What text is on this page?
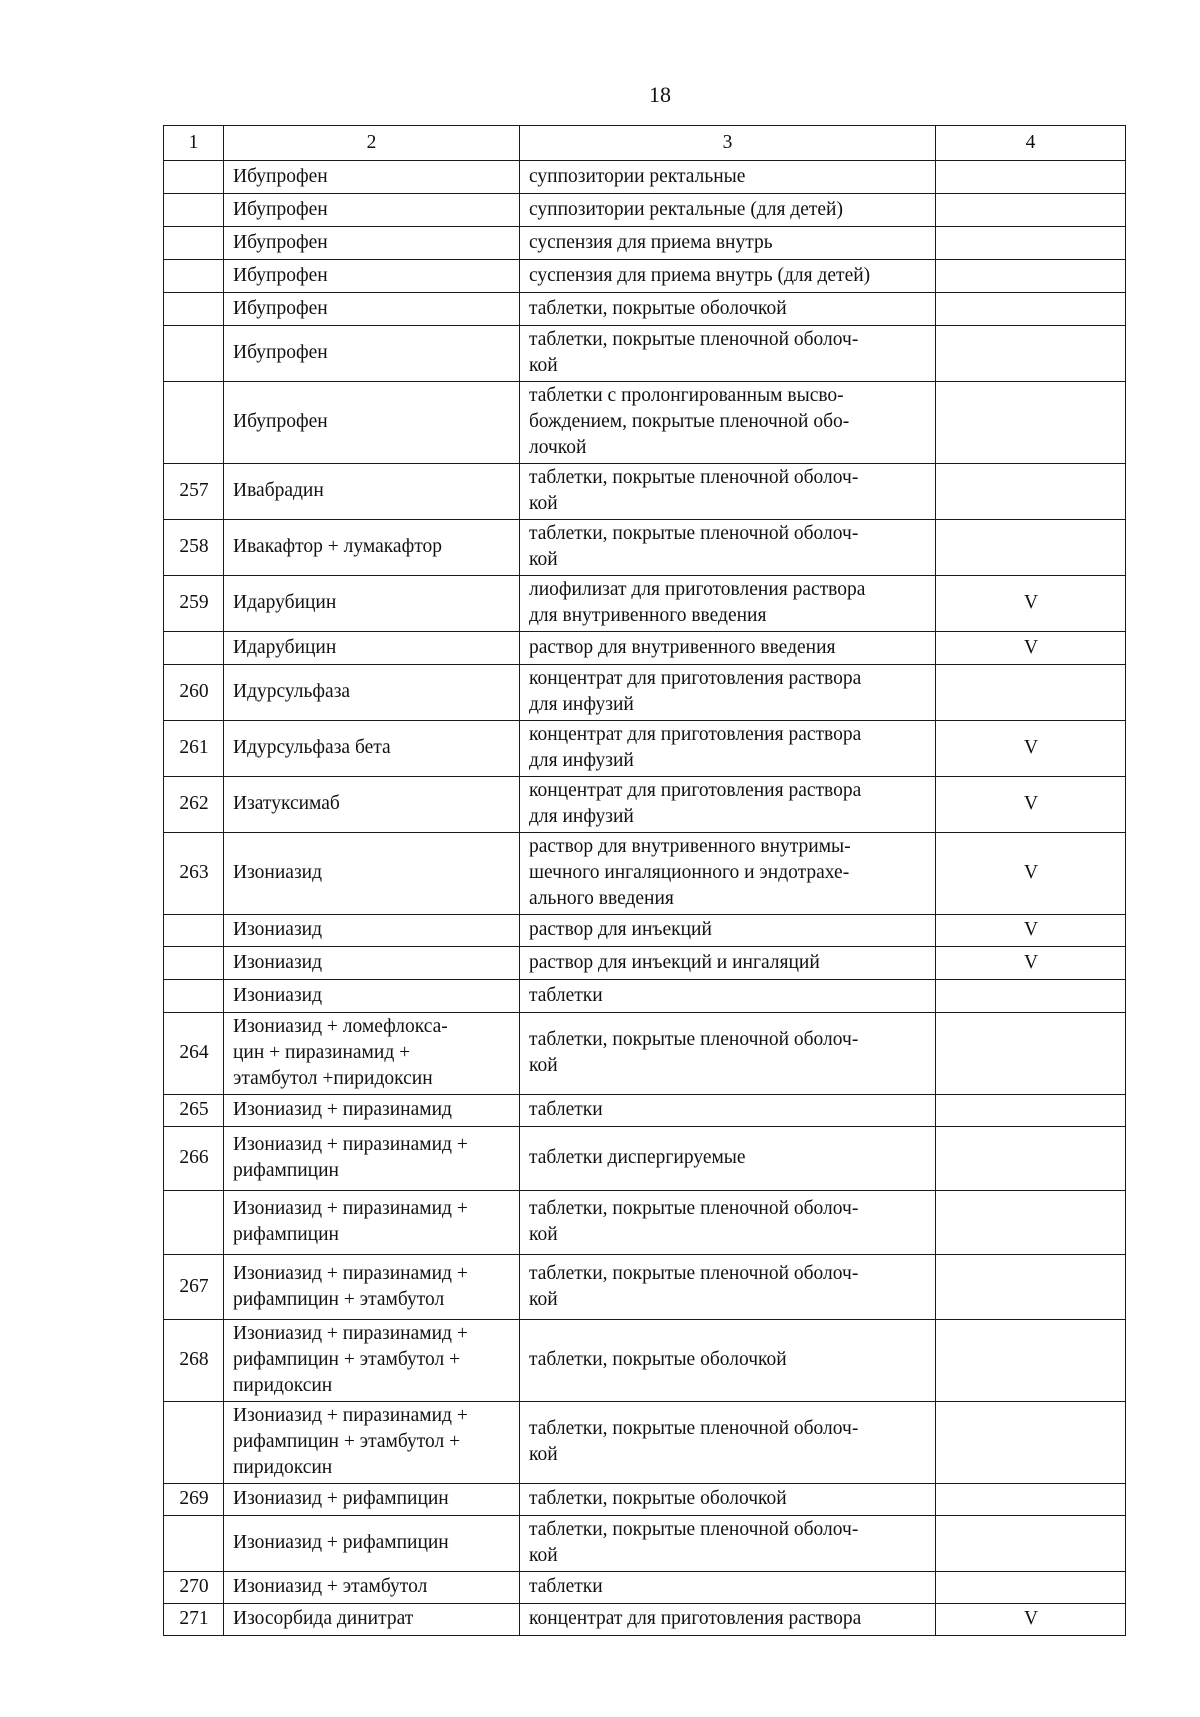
18
1	2	3	4
	Ибупрофен	суппозитории ректальные	
	Ибупрофен	суппозитории ректальные (для детей)	
	Ибупрофен	суспензия для приема внутрь	
	Ибупрофен	суспензия для приема внутрь (для детей)	
	Ибупрофен	таблетки, покрытые оболочкой	
	Ибупрофен	таблетки, покрытые пленочной оболоч-
кой	
	Ибупрофен	таблетки с пролонгированным высво-
бождением, покрытые пленочной обо-
лочкой	
257	Ивабрадин	таблетки, покрытые пленочной оболоч-
кой	
258	Ивакафтор + лумакафтор	таблетки, покрытые пленочной оболоч-
кой	
259	Идарубицин	лиофилизат для приготовления раствора
для внутривенного введения	V
	Идарубицин	раствор для внутривенного введения	V
260	Идурсульфаза	концентрат для приготовления раствора
для инфузий	
261	Идурсульфаза бета	концентрат для приготовления раствора
для инфузий	V
262	Изатуксимаб	концентрат для приготовления раствора
для инфузий	V
263	Изониазид	раствор для внутривенного внутримы-
шечного ингаляционного и эндотрахе-
ального введения	V
	Изониазид	раствор для инъекций	V
	Изониазид	раствор для инъекций и ингаляций	V
	Изониазид	таблетки	
264	Изониазид + ломефлокса-
цин + пиразинамид +
этамбутол +пиридоксин	таблетки, покрытые пленочной оболоч-
кой	
265	Изониазид + пиразинамид	таблетки	
266	Изониазид + пиразинамид +
рифампицин	таблетки диспергируемые	
	Изониазид + пиразинамид +
рифампицин	таблетки, покрытые пленочной оболоч-
кой	
267	Изониазид + пиразинамид +
рифампицин + этамбутол	таблетки, покрытые пленочной оболоч-
кой	
268	Изониазид + пиразинамид +
рифампицин + этамбутол +
пиридоксин	таблетки, покрытые оболочкой	
	Изониазид + пиразинамид +
рифампицин + этамбутол +
пиридоксин	таблетки, покрытые пленочной оболоч-
кой	
269	Изониазид + рифампицин	таблетки, покрытые оболочкой	
	Изониазид + рифампицин	таблетки, покрытые пленочной оболоч-
кой	
270	Изониазид + этамбутол	таблетки	
271	Изосорбида динитрат	концентрат для приготовления раствора	V
